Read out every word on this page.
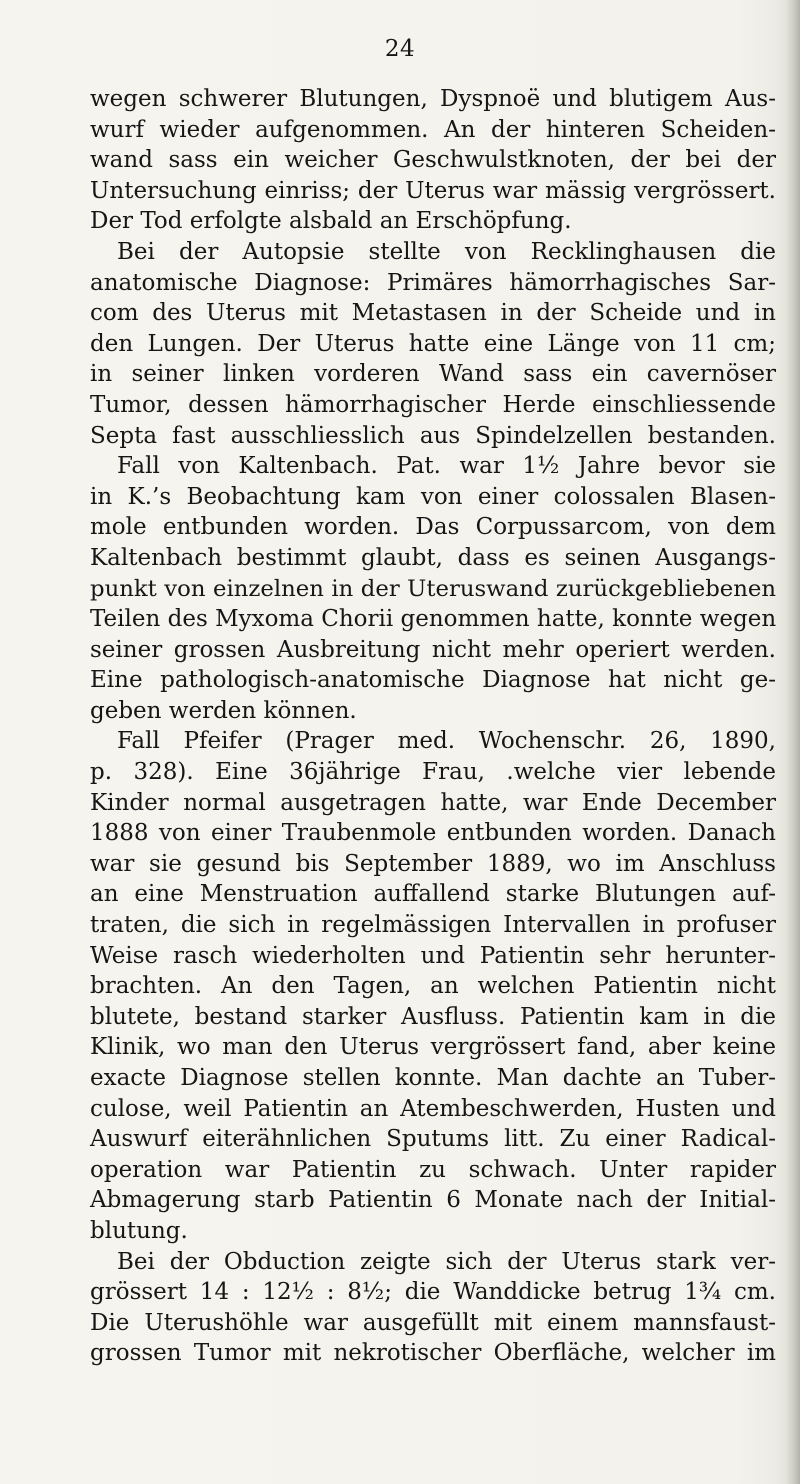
24
wegen schwerer Blutungen, Dyspnoë und blutigem Aus-
wurf wieder aufgenommen. An der hinteren Scheiden-
wand sass ein weicher Geschwulstknoten, der bei der
Untersuchung einriss; der Uterus war mässig vergrössert.
Der Tod erfolgte alsbald an Erschöpfung.
Bei der Autopsie stellte von Recklinghausen die
anatomische Diagnose: Primäres hämorrhagisches Sar-
com des Uterus mit Metastasen in der Scheide und in
den Lungen. Der Uterus hatte eine Länge von 11 cm;
in seiner linken vorderen Wand sass ein cavernöser
Tumor, dessen hämorrhagischer Herde einschliessende
Septa fast ausschliesslich aus Spindelzellen bestanden.
Fall von Kaltenbach. Pat. war 1½ Jahre bevor sie
in K.’s Beobachtung kam von einer colossalen Blasen-
mole entbunden worden. Das Corpussarcom, von dem
Kaltenbach bestimmt glaubt, dass es seinen Ausgangs-
punkt von einzelnen in der Uteruswand zurückgebliebenen
Teilen des Myxoma Chorii genommen hatte, konnte wegen
seiner grossen Ausbreitung nicht mehr operiert werden.
Eine pathologisch-anatomische Diagnose hat nicht ge-
geben werden können.
Fall Pfeifer (Prager med. Wochenschr. 26, 1890,
p. 328). Eine 36jährige Frau, .welche vier lebende
Kinder normal ausgetragen hatte, war Ende December
1888 von einer Traubenmole entbunden worden. Danach
war sie gesund bis September 1889, wo im Anschluss
an eine Menstruation auffallend starke Blutungen auf-
traten, die sich in regelmässigen Intervallen in profuser
Weise rasch wiederholten und Patientin sehr herunter-
brachten. An den Tagen, an welchen Patientin nicht
blutete, bestand starker Ausfluss. Patientin kam in die
Klinik, wo man den Uterus vergrössert fand, aber keine
exacte Diagnose stellen konnte. Man dachte an Tuber-
culose, weil Patientin an Atembeschwerden, Husten und
Auswurf eiterähnlichen Sputums litt. Zu einer Radical-
operation war Patientin zu schwach. Unter rapider
Abmagerung starb Patientin 6 Monate nach der Initial-
blutung.
Bei der Obduction zeigte sich der Uterus stark ver-
grössert 14 : 12½ : 8½; die Wanddicke betrug 1¾ cm.
Die Uterushöhle war ausgefüllt mit einem mannsfaust-
grossen Tumor mit nekrotischer Oberfläche, welcher im
